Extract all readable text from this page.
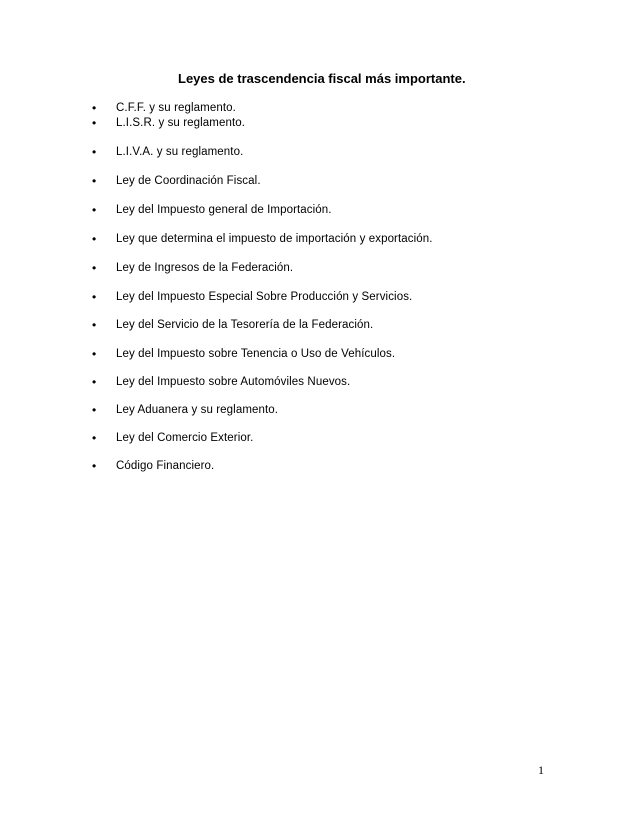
Leyes de trascendencia fiscal más importante.
•	C.F.F. y su reglamento.
•	L.I.S.R. y su reglamento.
•	L.I.V.A. y su reglamento.
•	Ley de Coordinación Fiscal.
•	Ley del Impuesto general de Importación.
•	Ley que determina el impuesto de importación y exportación.
•	Ley de Ingresos de la Federación.
•	Ley del Impuesto Especial Sobre Producción y Servicios.
•	Ley del Servicio de la Tesorería de la Federación.
•	Ley del Impuesto sobre Tenencia o Uso de Vehículos.
•	Ley del Impuesto sobre Automóviles Nuevos.
•	Ley Aduanera y su reglamento.
•	Ley del Comercio Exterior.
•	Código Financiero.
1
